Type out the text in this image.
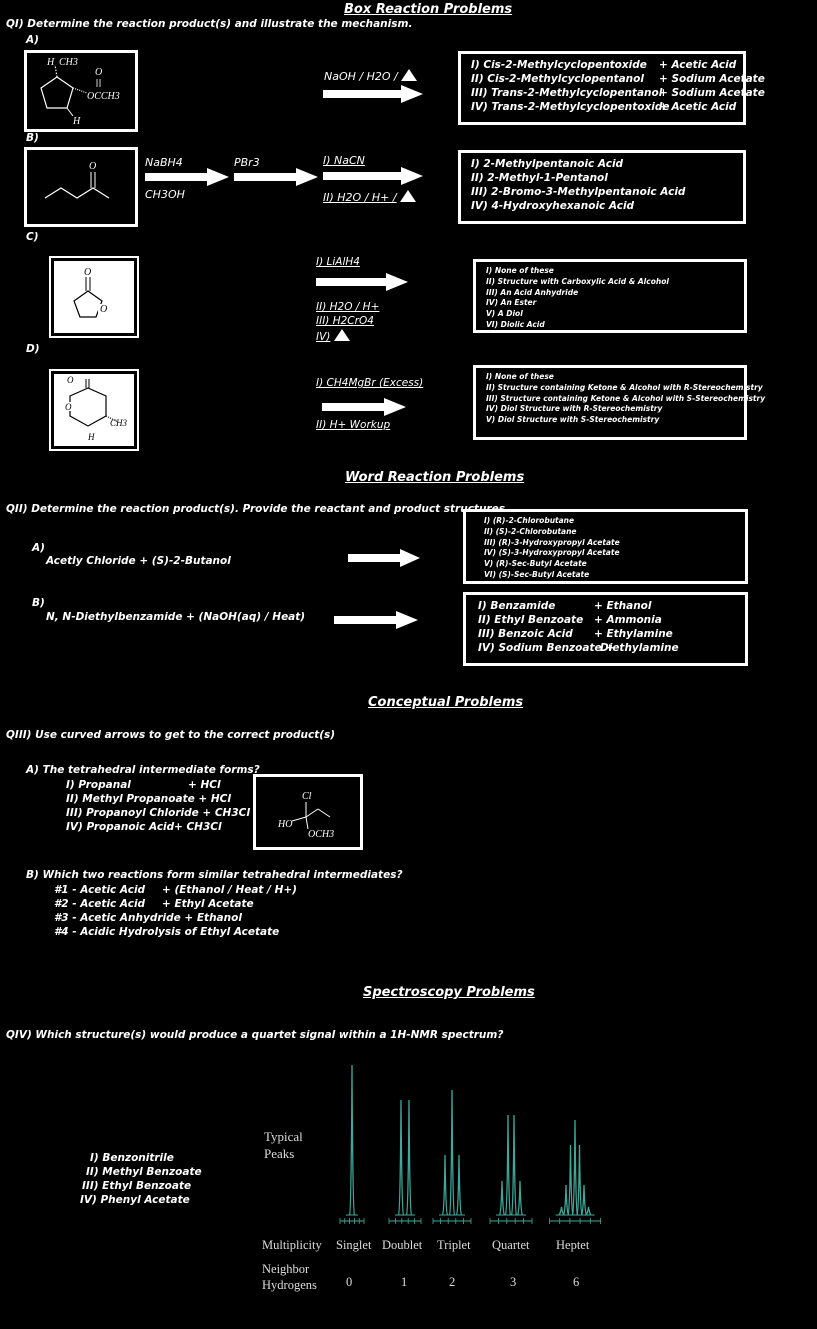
Box Reaction Problems
QI) Determine the reaction product(s) and illustrate the mechanism.
A)
H CH3
O
OCCH3
H
NaOH / H2O /
I) Cis-2-Methylcyclopentoxide + Acetic Acid
II) Cis-2-Methylcyclopentanol + Sodium Acetate
III) Trans-2-Methylcyclopentanol+ Sodium Acetate
IV) Trans-2-Methylcyclopentoxide+ Acetic Acid
B)
O	NaBH4
CH3OH
PBr3	I) NaCN
II) H2O / H+ /
I) 2-Methylpentanoic Acid
II) 2-Methyl-1-Pentanol
III) 2-Bromo-3-Methylpentanoic Acid
IV) 4-Hydroxyhexanoic Acid
C)
O
O
I) LiAlH4
II) H2O / H+
III) H2CrO4
IV)
I) None of these
II) Structure with Carboxylic Acid & Alcohol
III) An Acid Anhydride
IV) An Ester
V) A Diol
VI) Diolic Acid
D)
O
O
CH3
H
I) CH4MgBr (Excess)
II) H+ Workup
I) None of these
II) Structure containing Ketone & Alcohol with R-Stereochemistry
III) Structure containing Ketone & Alcohol with S-Stereochemistry
IV) Diol Structure with R-Stereochemistry
V) Diol Structure with S-Stereochemistry
Word Reaction Problems
QII) Determine the reaction product(s). Provide the reactant and product structures.
A)
Acetly Chloride + (S)-2-Butanol
I) (R)-2-Chlorobutane
II) (S)-2-Chlorobutane
III) (R)-3-Hydroxypropyl Acetate
IV) (S)-3-Hydroxypropyl Acetate
V) (R)-Sec-Butyl Acetate
VI) (S)-Sec-Butyl Acetate
B)
N, N-Diethylbenzamide + (NaOH(aq) / Heat)
I) Benzamide	+ Ethanol
II) Ethyl Benzoate + Ammonia
III) Benzoic Acid + Ethylamine
IV) Sodium Benzoate +Diethylamine
Conceptual Problems
QIII) Use curved arrows to get to the correct product(s)
A) The tetrahedral intermediate forms?
I) Propanal	+ HCl
II) Methyl Propanoate + HCl
III) Propanoyl Chloride + CH3Cl
IV) Propanoic Acid+ CH3Cl
Cl
HO
OCH3
B) Which two reactions form similar tetrahedral intermediates?
#1 - Acetic Acid + (Ethanol / Heat / H+)
#2 - Acetic Acid + Ethyl Acetate
#3 - Acetic Anhydride + Ethanol
#4 - Acidic Hydrolysis of Ethyl Acetate
Spectroscopy Problems
QIV) Which structure(s) would produce a quartet signal within a 1H-NMR spectrum?
I) Benzonitrile
II) Methyl Benzoate
III) Ethyl Benzoate
IV) Phenyl Acetate
Typical
Peaks
Multiplicity Singlet Doublet Triplet Quartet Heptet
Neighbor
Hydrogens 0	1	2	3	6
